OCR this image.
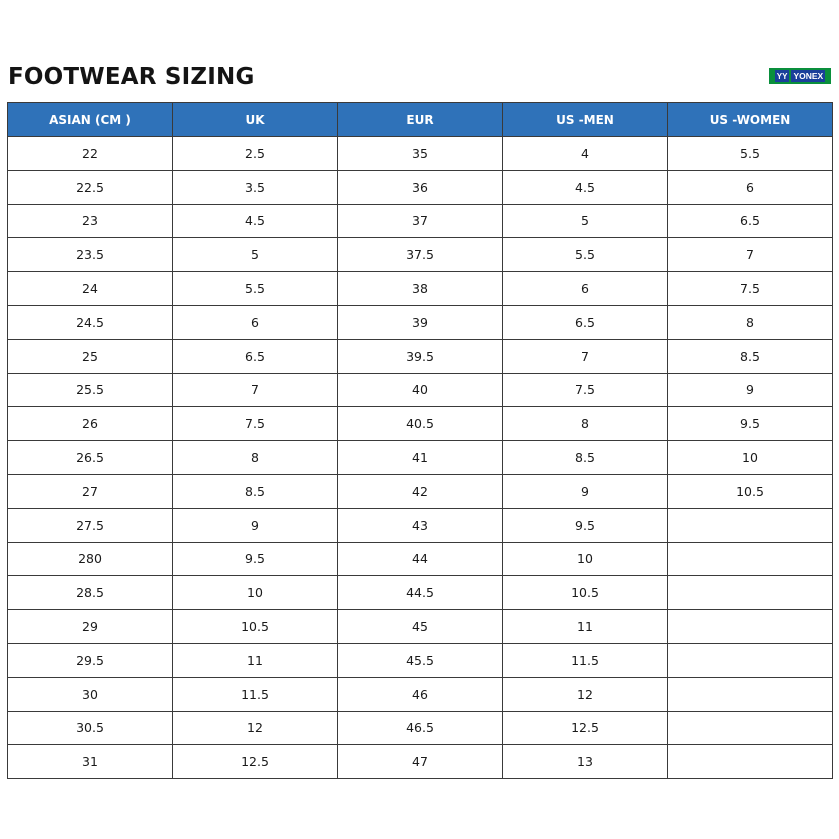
FOOTWEAR SIZING	YY YONEX
ASIAN (CM )	UK	EUR	US -MEN	US -WOMEN
22	2.5	35	4	5.5
22.5	3.5	36	4.5	6
23	4.5	37	5	6.5
23.5	5	37.5	5.5	7
24	5.5	38	6	7.5
24.5	6	39	6.5	8
25	6.5	39.5	7	8.5
25.5	7	40	7.5	9
26	7.5	40.5	8	9.5
26.5	8	41	8.5	10
27	8.5	42	9	10.5
27.5	9	43	9.5	
280	9.5	44	10	
28.5	10	44.5	10.5	
29	10.5	45	11	
29.5	11	45.5	11.5	
30	11.5	46	12	
30.5	12	46.5	12.5	
31	12.5	47	13	
